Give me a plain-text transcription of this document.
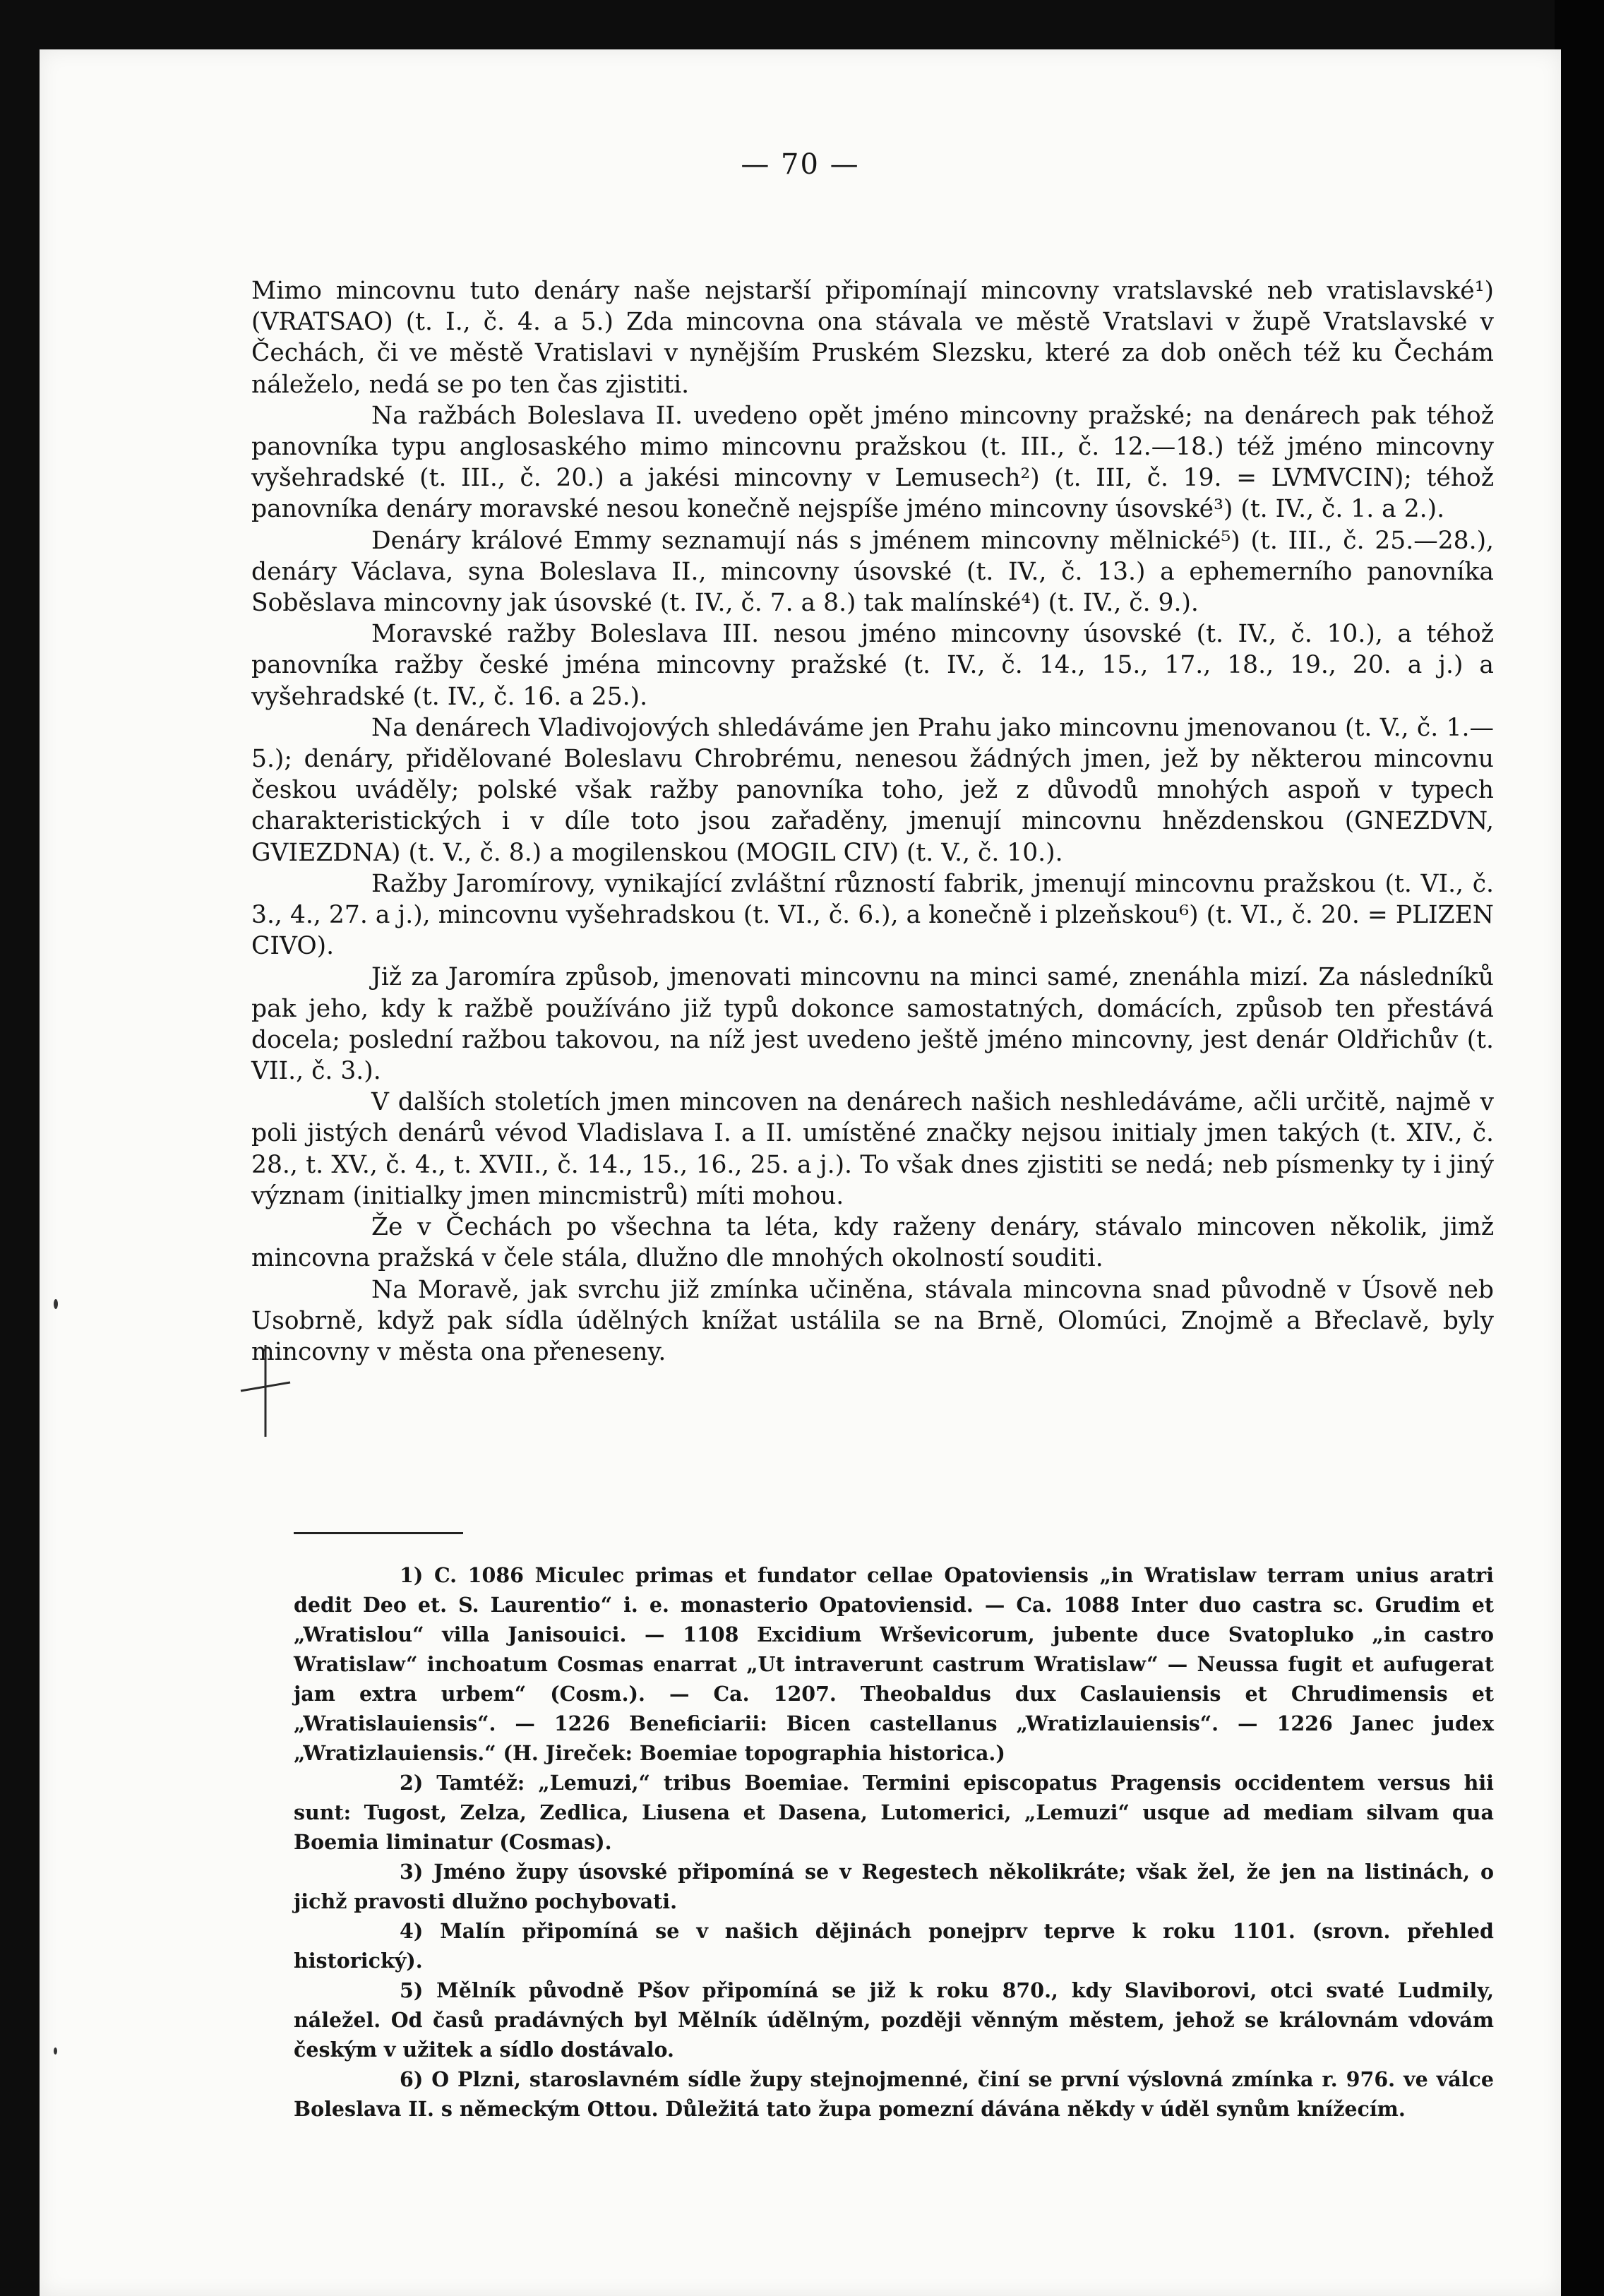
— 70 —

Mimo mincovnu tuto denáry naše nejstarší připomínají mincovny vratslavské neb vratislavské¹) (VRATSAO) (t. I., č. 4. a 5.) Zda mincovna ona stávala ve městě Vratslavi v župě Vratslavské v Čechách, či ve městě Vratislavi v nynějším Pruském Slezsku, které za dob oněch též ku Čechám náleželo, nedá se po ten čas zjistiti.

Na ražbách Boleslava II. uvedeno opět jméno mincovny pražské; na denárech pak téhož panovníka typu anglosaského mimo mincovnu pražskou (t. III., č. 12.—18.) též jméno mincovny vyšehradské (t. III., č. 20.) a jakési mincovny v Lemusech²) (t. III, č. 19. = LVMVCIN); téhož panovníka denáry moravské nesou konečně nejspíše jméno mincovny úsovské³) (t. IV., č. 1. a 2.).

Denáry králové Emmy seznamují nás s jménem mincovny mělnické⁵) (t. III., č. 25.—28.), denáry Václava, syna Boleslava II., mincovny úsovské (t. IV., č. 13.) a ephemerního panovníka Soběslava mincovny jak úsovské (t. IV., č. 7. a 8.) tak malínské⁴) (t. IV., č. 9.).

Moravské ražby Boleslava III. nesou jméno mincovny úsovské (t. IV., č. 10.), a téhož panovníka ražby české jména mincovny pražské (t. IV., č. 14., 15., 17., 18., 19., 20. a j.) a vyšehradské (t. IV., č. 16. a 25.).

Na denárech Vladivojových shledáváme jen Prahu jako mincovnu jmenovanou (t. V., č. 1.—5.); denáry, přidělované Boleslavu Chrobrému, nenesou žádných jmen, jež by některou mincovnu českou uváděly; polské však ražby panovníka toho, jež z důvodů mnohých aspoň v typech charakteristických i v díle toto jsou zařaděny, jmenují mincovnu hnězdenskou (GNEZDVN, GVIEZDNA) (t. V., č. 8.) a mogilenskou (MOGIL CIV) (t. V., č. 10.).

Ražby Jaromírovy, vynikající zvláštní růzností fabrik, jmenují mincovnu pražskou (t. VI., č. 3., 4., 27. a j.), mincovnu vyšehradskou (t. VI., č. 6.), a konečně i plzeňskou⁶) (t. VI., č. 20. = PLIZEN CIVO).

Již za Jaromíra způsob, jmenovati mincovnu na minci samé, znenáhla mizí. Za následníků pak jeho, kdy k ražbě používáno již typů dokonce samostatných, domácích, způsob ten přestává docela; poslední ražbou takovou, na níž jest uvedeno ještě jméno mincovny, jest denár Oldřichův (t. VII., č. 3.).

V dalších stoletích jmen mincoven na denárech našich neshledáváme, ačli určitě, najmě v poli jistých denárů vévod Vladislava I. a II. umístěné značky nejsou initialy jmen takých (t. XIV., č. 28., t. XV., č. 4., t. XVII., č. 14., 15., 16., 25. a j.). To však dnes zjistiti se nedá; neb písmenky ty i jiný význam (initialky jmen mincmistrů) míti mohou.

Že v Čechách po všechna ta léta, kdy raženy denáry, stávalo mincoven několik, jimž mincovna pražská v čele stála, dlužno dle mnohých okolností souditi.

Na Moravě, jak svrchu již zmínka učiněna, stávala mincovna snad původně v Úsově neb Usobrně, když pak sídla údělných knížat ustálila se na Brně, Olomúci, Znojmě a Břeclavě, byly mincovny v města ona přeneseny.

1) C. 1086 Miculec primas et fundator cellae Opatoviensis „in Wratislaw terram unius aratri dedit Deo et. S. Laurentio“ i. e. monasterio Opatoviensid. — Ca. 1088 Inter duo castra sc. Grudim et „Wratislou“ villa Janisouici. — 1108 Excidium Wrševicorum, jubente duce Svatopluko „in castro Wratislaw“ inchoatum Cosmas enarrat „Ut intraverunt castrum Wratislaw“ — Neussa fugit et aufugerat jam extra urbem“ (Cosm.). — Ca. 1207. Theobaldus dux Caslauiensis et Chrudimensis et „Wratislauiensis“. — 1226 Beneficiarii: Bicen castellanus „Wratizlauiensis“. — 1226 Janec judex „Wratizlauiensis.“ (H. Jireček: Boemiae topographia historica.)

2) Tamtéž: „Lemuzi,“ tribus Boemiae. Termini episcopatus Pragensis occidentem versus hii sunt: Tugost, Zelza, Zedlica, Liusena et Dasena, Lutomerici, „Lemuzi“ usque ad mediam silvam qua Boemia liminatur (Cosmas).

3) Jméno župy úsovské připomíná se v Regestech několikráte; však žel, že jen na listinách, o jichž pravosti dlužno pochybovati.

4) Malín připomíná se v našich dějinách ponejprv teprve k roku 1101. (srovn. přehled historický).

5) Mělník původně Pšov připomíná se již k roku 870., kdy Slaviborovi, otci svaté Ludmily, náležel. Od časů pradávných byl Mělník údělným, později věnným městem, jehož se královnám vdovám českým v užitek a sídlo dostávalo.

6) O Plzni, staroslavném sídle župy stejnojmenné, činí se první výslovná zmínka r. 976. ve válce Boleslava II. s německým Ottou. Důležitá tato župa pomezní dávána někdy v úděl synům knížecím.
